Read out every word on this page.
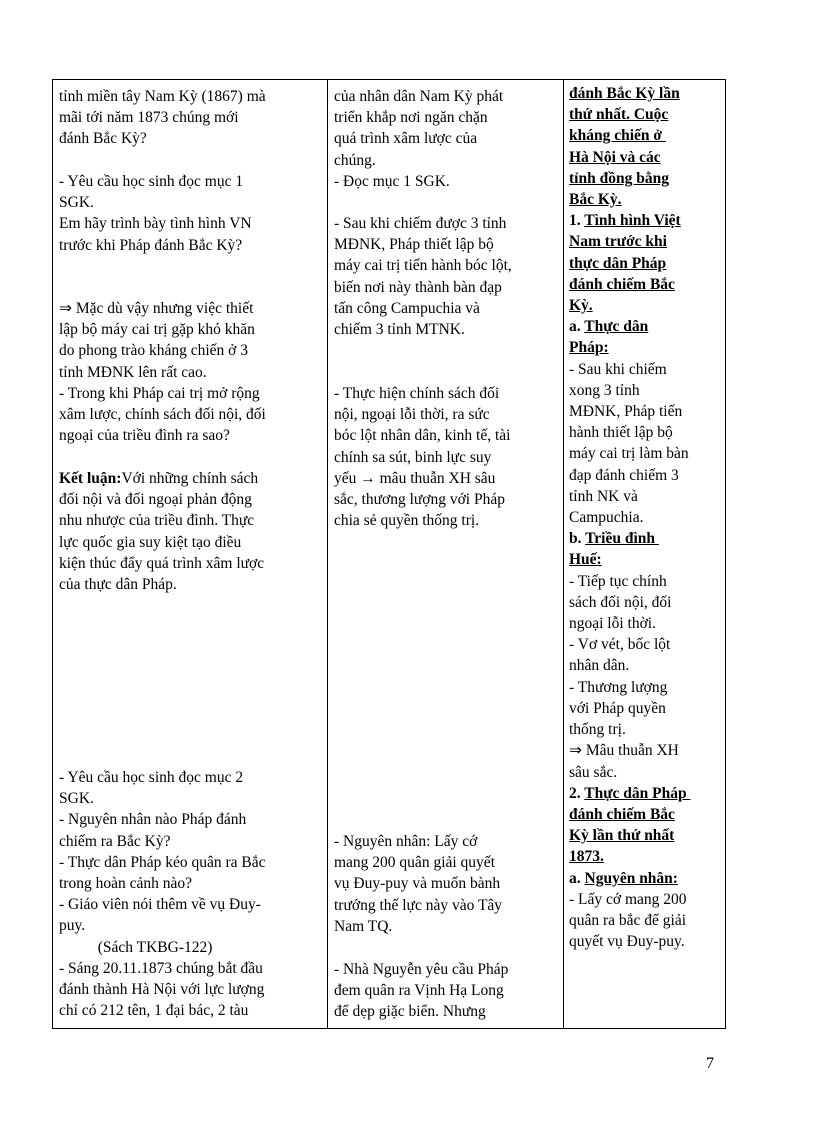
tỉnh miền tây Nam Kỳ (1867) mà
mãi tới năm 1873 chúng mới
đánh Bắc Kỳ?
- Yêu cầu học sinh đọc mục 1
SGK.
Em hãy trình bày tình hình VN
trước khi Pháp đánh Bắc Kỳ?
⇒ Mặc dù vậy nhưng việc thiết
lập bộ máy cai trị gặp khó khăn
do phong trào kháng chiến ở 3
tỉnh MĐNK lên rất cao.
- Trong khi Pháp cai trị mở rộng
xâm lược, chính sách đối nội, đối
ngoại của triều đình ra sao?
Kết luận:Với những chính sách
đối nội và đối ngoại phản động
nhu nhược của triều đình. Thực
lực quốc gia suy kiệt tạo điều
kiện thúc đẩy quá trình xâm lược
của thực dân Pháp.
- Yêu cầu học sinh đọc mục 2
SGK.
- Nguyên nhân nào Pháp đánh
chiếm ra Bắc Kỳ?
- Thực dân Pháp kéo quân ra Bắc
trong hoàn cảnh nào?
- Giáo viên nói thêm về vụ Đuy-
puy.
(Sách TKBG-122)
- Sáng 20.11.1873 chúng bắt đầu
đánh thành Hà Nội với lực lượng
chỉ có 212 tên, 1 đại bác, 2 tàu
của nhân dân Nam Kỳ phát
triển khắp nơi ngăn chặn
quá trình xâm lược của
chúng.
- Đọc mục 1 SGK.
- Sau khi chiếm được 3 tỉnh
MĐNK, Pháp thiết lập bộ
máy cai trị tiến hành bóc lột,
biến nơi này thành bàn đạp
tấn công Campuchia và
chiếm 3 tỉnh MTNK.
- Thực hiện chính sách đối
nội, ngoại lỗi thời, ra sức
bóc lột nhân dân, kinh tế, tài
chính sa sút, binh lực suy
yếu → mâu thuẫn XH sâu
sắc, thương lượng với Pháp
chia sẻ quyền thống trị.
- Nguyên nhân: Lấy cớ
mang 200 quân giải quyết
vụ Đuy-puy và muốn bành
trướng thế lực này vào Tây
Nam TQ.
- Nhà Nguyễn yêu cầu Pháp
đem quân ra Vịnh Hạ Long
để dẹp giặc biển. Nhưng
đánh Bắc Kỳ lần
thứ nhất. Cuộc
kháng chiến ở
Hà Nội và các
tỉnh đồng bằng
Bắc Kỳ.
1. Tình hình Việt
Nam trước khi
thực dân Pháp
đánh chiếm Bắc
Kỳ.
a. Thực dân
Pháp:
- Sau khi chiếm
xong 3 tỉnh
MĐNK, Pháp tiến
hành thiết lập bộ
máy cai trị làm bàn
đạp đánh chiếm 3
tỉnh NK và
Campuchia.
b. Triều đình
Huế:
- Tiếp tục chính
sách đối nội, đối
ngoại lỗi thời.
- Vơ vét, bốc lột
nhân dân.
- Thương lượng
với Pháp quyền
thống trị.
⇒ Mâu thuẫn XH
sâu sắc.
2. Thực dân Pháp
đánh chiếm Bắc
Kỳ lần thứ nhất
1873.
a. Nguyên nhân:
- Lấy cớ mang 200
quân ra bắc để giải
quyết vụ Đuy-puy.
7
